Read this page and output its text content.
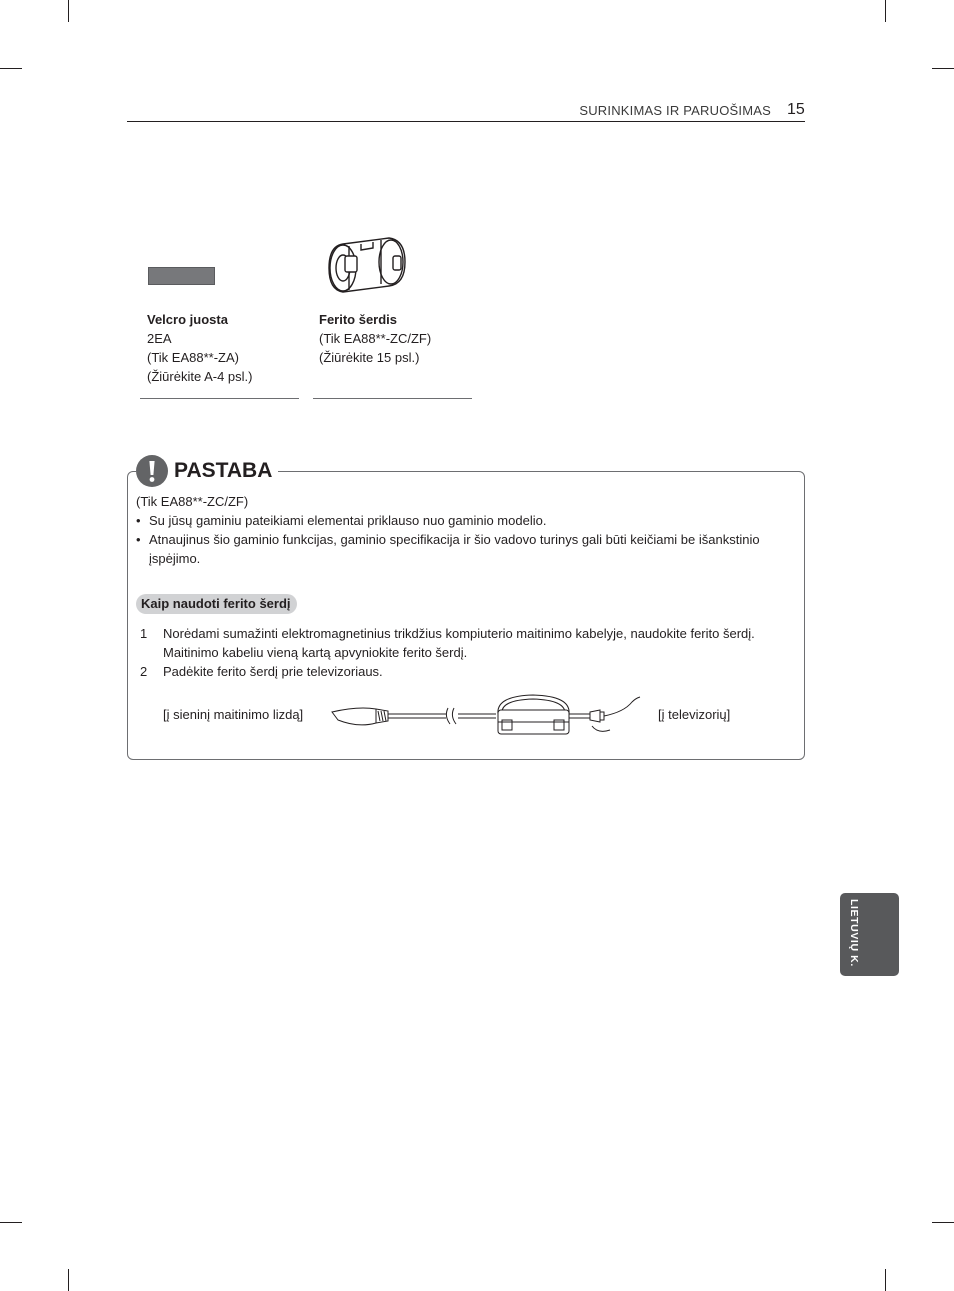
SURINKIMAS IR PARUOŠIMAS 15
Velcro juosta
2EA
(Tik EA88**-ZA)
(Žiūrėkite A-4 psl.)
Ferito šerdis
(Tik EA88**-ZC/ZF)
(Žiūrėkite 15 psl.)
PASTABA
(Tik EA88**-ZC/ZF)
• Su jūsų gaminiu pateikiami elementai priklauso nuo gaminio modelio.
• Atnaujinus šio gaminio funkcijas, gaminio specifikacija ir šio vadovo turinys gali būti keičiami be išankstinio įspėjimo.
Kaip naudoti ferito šerdį
1 Norėdami sumažinti elektromagnetinius trikdžius kompiuterio maitinimo kabelyje, naudokite ferito šerdį. Maitinimo kabeliu vieną kartą apvyniokite ferito šerdį.
2 Padėkite ferito šerdį prie televizoriaus.
[į sieninį maitinimo lizdą]	[į televizorių]
LIETUVIŲ K.
